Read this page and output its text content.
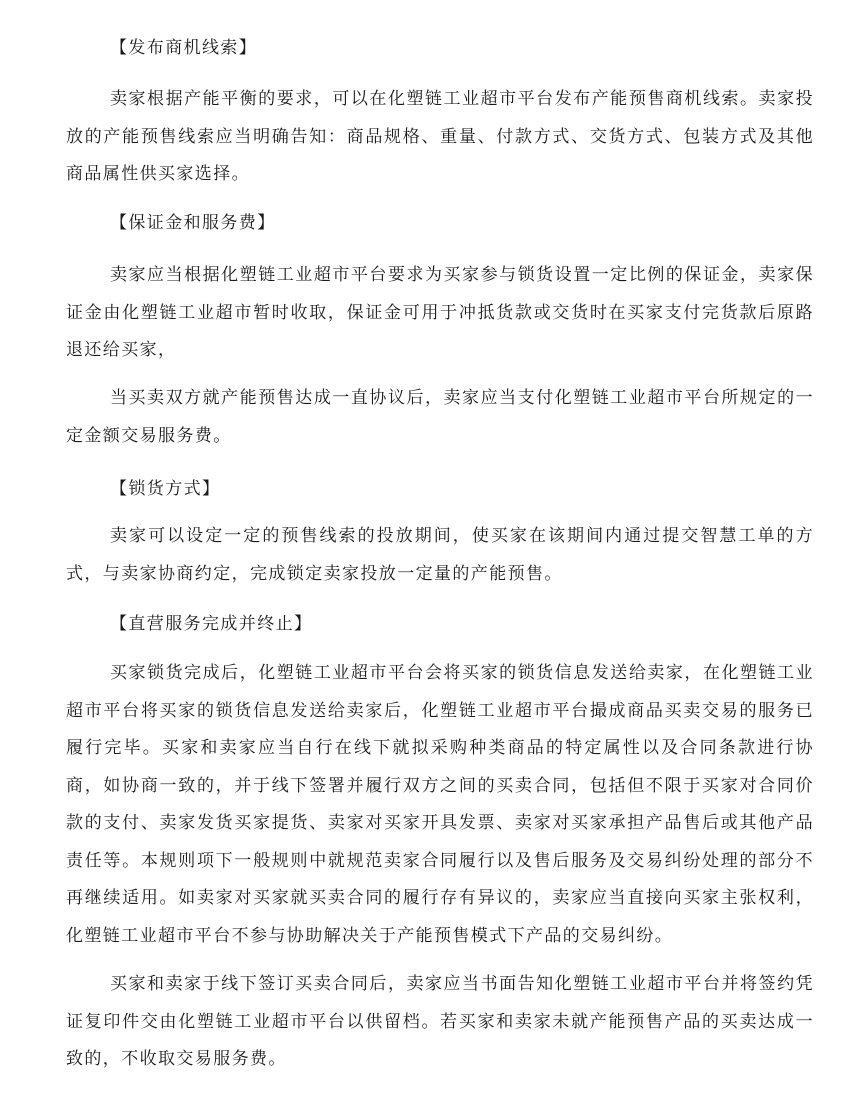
【发布商机线索】

卖家根据产能平衡的要求，可以在化塑链工业超市平台发布产能预售商机线索。卖家投放的产能预售线索应当明确告知：商品规格、重量、付款方式、交货方式、包装方式及其他商品属性供买家选择。

【保证金和服务费】

卖家应当根据化塑链工业超市平台要求为买家参与锁货设置一定比例的保证金，卖家保证金由化塑链工业超市暂时收取，保证金可用于冲抵货款或交货时在买家支付完货款后原路退还给买家，

当买卖双方就产能预售达成一直协议后，卖家应当支付化塑链工业超市平台所规定的一定金额交易服务费。

【锁货方式】

卖家可以设定一定的预售线索的投放期间，使买家在该期间内通过提交智慧工单的方式，与卖家协商约定，完成锁定卖家投放一定量的产能预售。

【直营服务完成并终止】

买家锁货完成后，化塑链工业超市平台会将买家的锁货信息发送给卖家，在化塑链工业超市平台将买家的锁货信息发送给卖家后，化塑链工业超市平台撮成商品买卖交易的服务已履行完毕。买家和卖家应当自行在线下就拟采购种类商品的特定属性以及合同条款进行协商，如协商一致的，并于线下签署并履行双方之间的买卖合同，包括但不限于买家对合同价款的支付、卖家发货买家提货、卖家对买家开具发票、卖家对买家承担产品售后或其他产品责任等。本规则项下一般规则中就规范卖家合同履行以及售后服务及交易纠纷处理的部分不再继续适用。如卖家对买家就买卖合同的履行存有异议的，卖家应当直接向买家主张权利，化塑链工业超市平台不参与协助解决关于产能预售模式下产品的交易纠纷。

买家和卖家于线下签订买卖合同后，卖家应当书面告知化塑链工业超市平台并将签约凭证复印件交由化塑链工业超市平台以供留档。若买家和卖家未就产能预售产品的买卖达成一致的，不收取交易服务费。
